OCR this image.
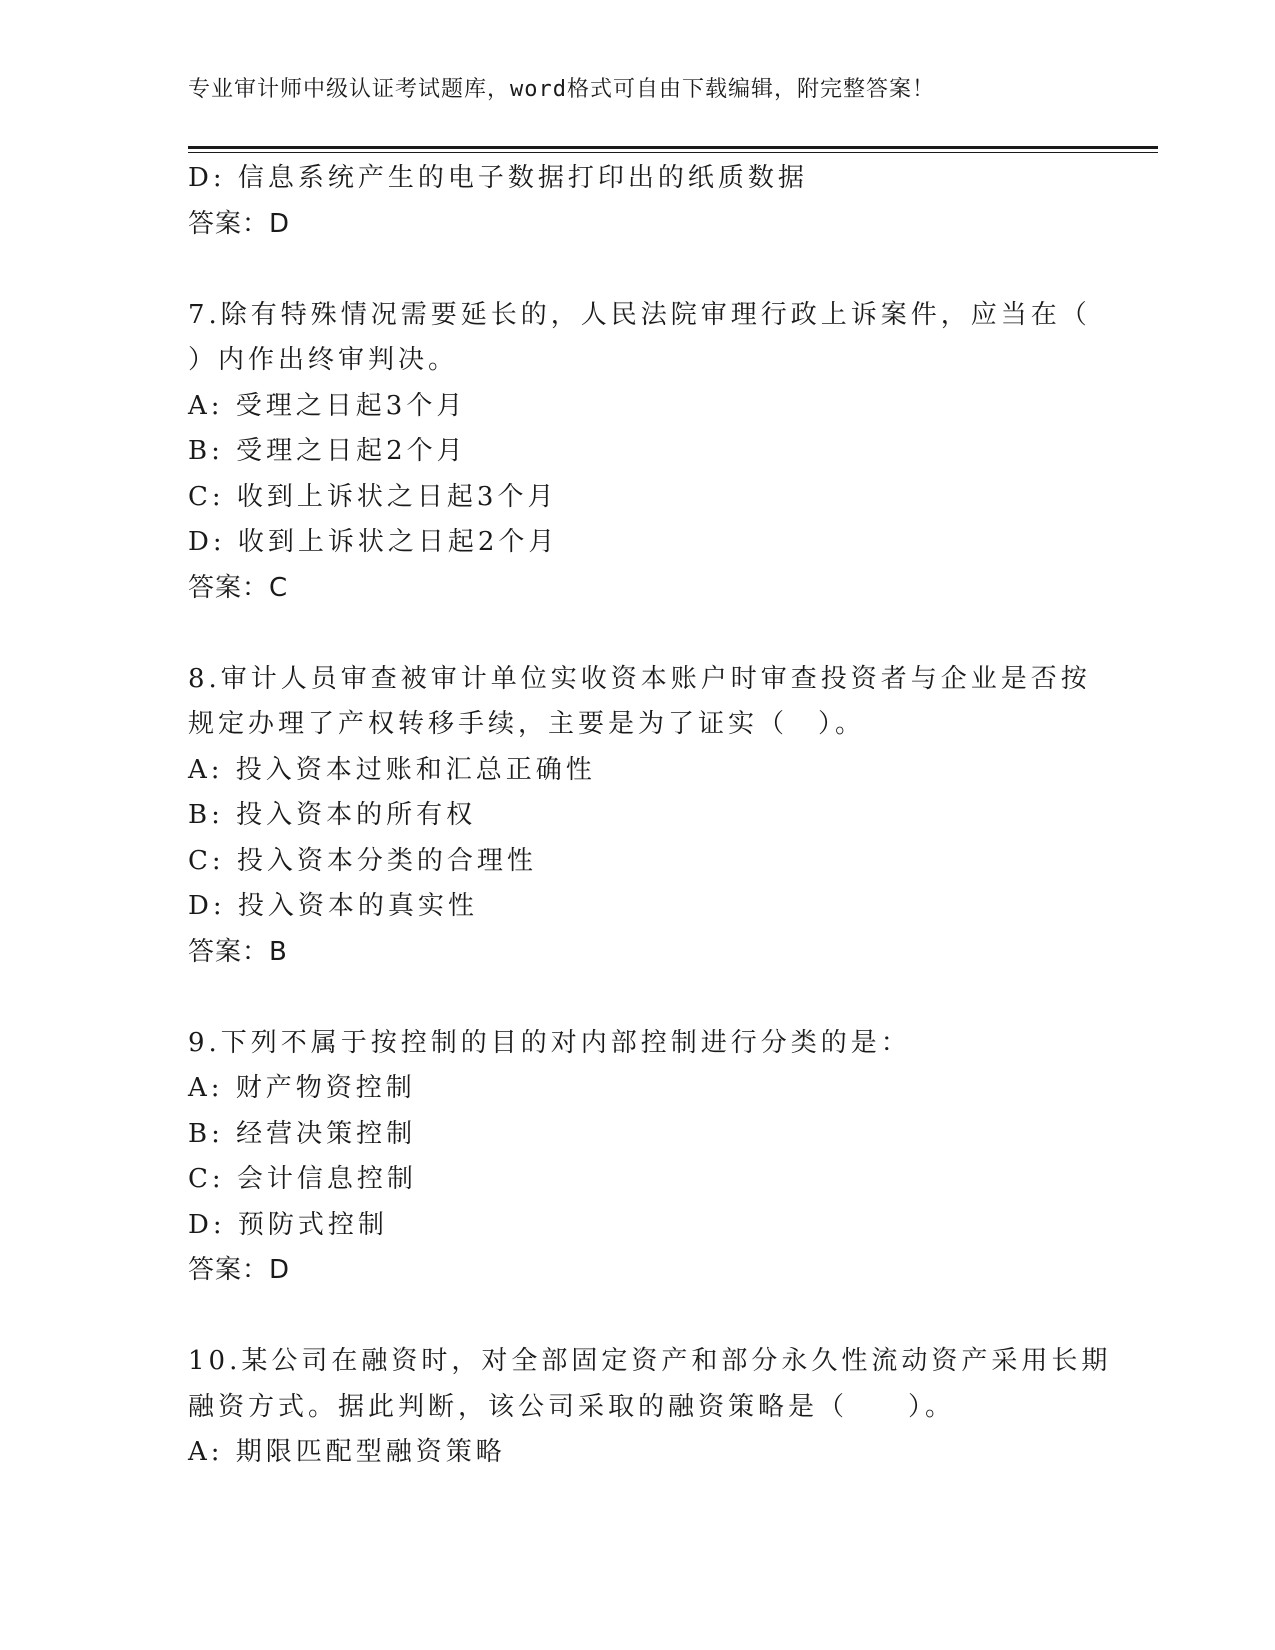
专业审计师中级认证考试题库，word格式可自由下载编辑，附完整答案！
D: 信息系统产生的电子数据打印出的纸质数据
答案：D
7.除有特殊情况需要延长的，人民法院审理行政上诉案件，应当在（
）内作出终审判决。
A: 受理之日起3个月
B: 受理之日起2个月
C: 收到上诉状之日起3个月
D: 收到上诉状之日起2个月
答案：C
8.审计人员审查被审计单位实收资本账户时审查投资者与企业是否按
规定办理了产权转移手续，主要是为了证实（　）。
A: 投入资本过账和汇总正确性
B: 投入资本的所有权
C: 投入资本分类的合理性
D: 投入资本的真实性
答案：B
9.下列不属于按控制的目的对内部控制进行分类的是：
A: 财产物资控制
B: 经营决策控制
C: 会计信息控制
D: 预防式控制
答案：D
10.某公司在融资时，对全部固定资产和部分永久性流动资产采用长期
融资方式。据此判断，该公司采取的融资策略是（　　）。
A: 期限匹配型融资策略
